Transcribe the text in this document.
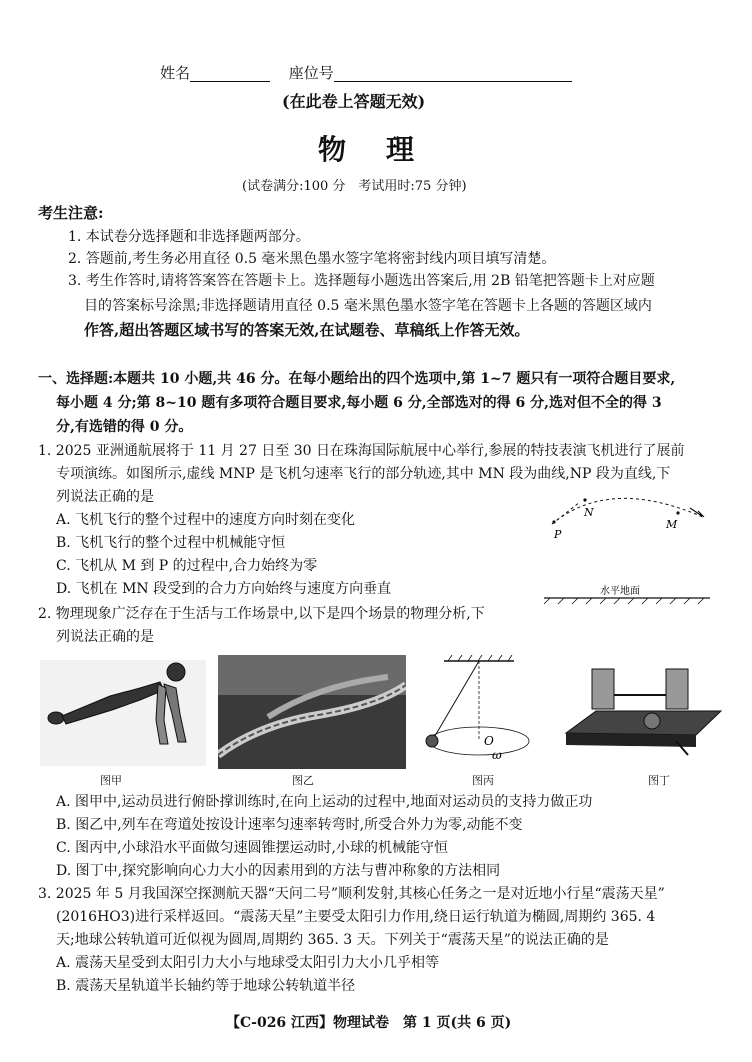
姓名	座位号
(在此卷上答题无效)
物理
(试卷满分:100 分　考试用时:75 分钟)
考生注意:
1. 本试卷分选择题和非选择题两部分。
2. 答题前,考生务必用直径 0.5 毫米黑色墨水签字笔将密封线内项目填写清楚。
3. 考生作答时,请将答案答在答题卡上。选择题每小题选出答案后,用 2B 铅笔把答题卡上对应题
目的答案标号涂黑;非选择题请用直径 0.5 毫米黑色墨水签字笔在答题卡上各题的答题区域内
作答,超出答题区域书写的答案无效,在试题卷、草稿纸上作答无效。
一、选择题:本题共 10 小题,共 46 分。在每小题给出的四个选项中,第 1~7 题只有一项符合题目要求,
每小题 4 分;第 8~10 题有多项符合题目要求,每小题 6 分,全部选对的得 6 分,选对但不全的得 3
分,有选错的得 0 分。
1. 2025 亚洲通航展将于 11 月 27 日至 30 日在珠海国际航展中心举行,参展的特技表演飞机进行了展前
专项演练。如图所示,虚线 MNP 是飞机匀速率飞行的部分轨迹,其中 MN 段为曲线,NP 段为直线,下
列说法正确的是
A. 飞机飞行的整个过程中的速度方向时刻在变化
B. 飞机飞行的整个过程中机械能守恒
C. 飞机从 M 到 P 的过程中,合力始终为零
D. 飞机在 MN 段受到的合力方向始终与速度方向垂直
P
N
M
水平地面
2. 物理现象广泛存在于生活与工作场景中,以下是四个场景的物理分析,下
列说法正确的是
图甲	图乙
O
ω
图丙	图丁
A. 图甲中,运动员进行俯卧撑训练时,在向上运动的过程中,地面对运动员的支持力做正功
B. 图乙中,列车在弯道处按设计速率匀速率转弯时,所受合外力为零,动能不变
C. 图丙中,小球沿水平面做匀速圆锥摆运动时,小球的机械能守恒
D. 图丁中,探究影响向心力大小的因素用到的方法与曹冲称象的方法相同
3. 2025 年 5 月我国深空探测航天器“天问二号”顺利发射,其核心任务之一是对近地小行星“震荡天星”
(2016HO3)进行采样返回。“震荡天星”主要受太阳引力作用,绕日运行轨道为椭圆,周期约 365. 4
天;地球公转轨道可近似视为圆周,周期约 365. 3 天。下列关于“震荡天星”的说法正确的是
A. 震荡天星受到太阳引力大小与地球受太阳引力大小几乎相等
B. 震荡天星轨道半长轴约等于地球公转轨道半径
【C-026 江西】物理试卷　第 1 页(共 6 页)
